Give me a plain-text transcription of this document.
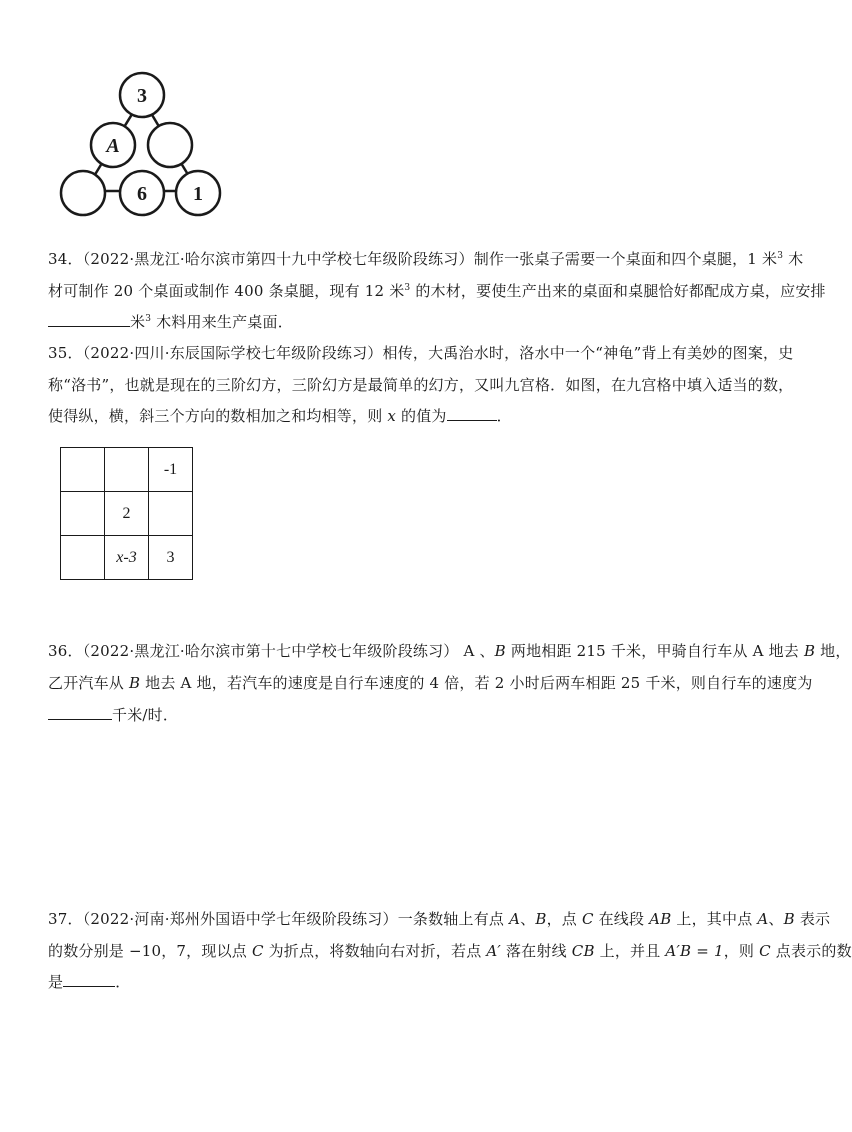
3
A
6 1
34．（2022·黑龙江·哈尔滨市第四十九中学校七年级阶段练习）制作一张桌子需要一个桌面和四个桌腿，1 米$^3$ 木
材可制作 20 个桌面或制作 400 条桌腿，现有 12 米$^3$ 的木材，要使生产出来的桌面和桌腿恰好都配成方桌，应安排
米$^3$ 木料用来生产桌面．
35．（2022·四川·东辰国际学校七年级阶段练习）相传，大禹治水时，洛水中一个“神龟”背上有美妙的图案，史
称“洛书”，也就是现在的三阶幻方，三阶幻方是最简单的幻方，又叫九宫格．如图，在九宫格中填入适当的数，
使得纵，横，斜三个方向的数相加之和均相等，则 x 的值为	．
		-1
	2	
	x-3	3
36．（2022·黑龙江·哈尔滨市第十七中学校七年级阶段练习） A 、B 两地相距 215 千米，甲骑自行车从 A 地去 B 地，
乙开汽车从 B 地去 A 地，若汽车的速度是自行车速度的 4 倍，若 2 小时后两车相距 25 千米，则自行车的速度为
千米/时．
37．（2022·河南·郑州外国语中学七年级阶段练习）一条数轴上有点 A、B，点 C 在线段 AB 上，其中点 A、B 表示
的数分别是 −10，7，现以点 C 为折点，将数轴向右对折，若点 A′ 落在射线 CB 上，并且 A′B = 1，则 C 点表示的数
是	．
